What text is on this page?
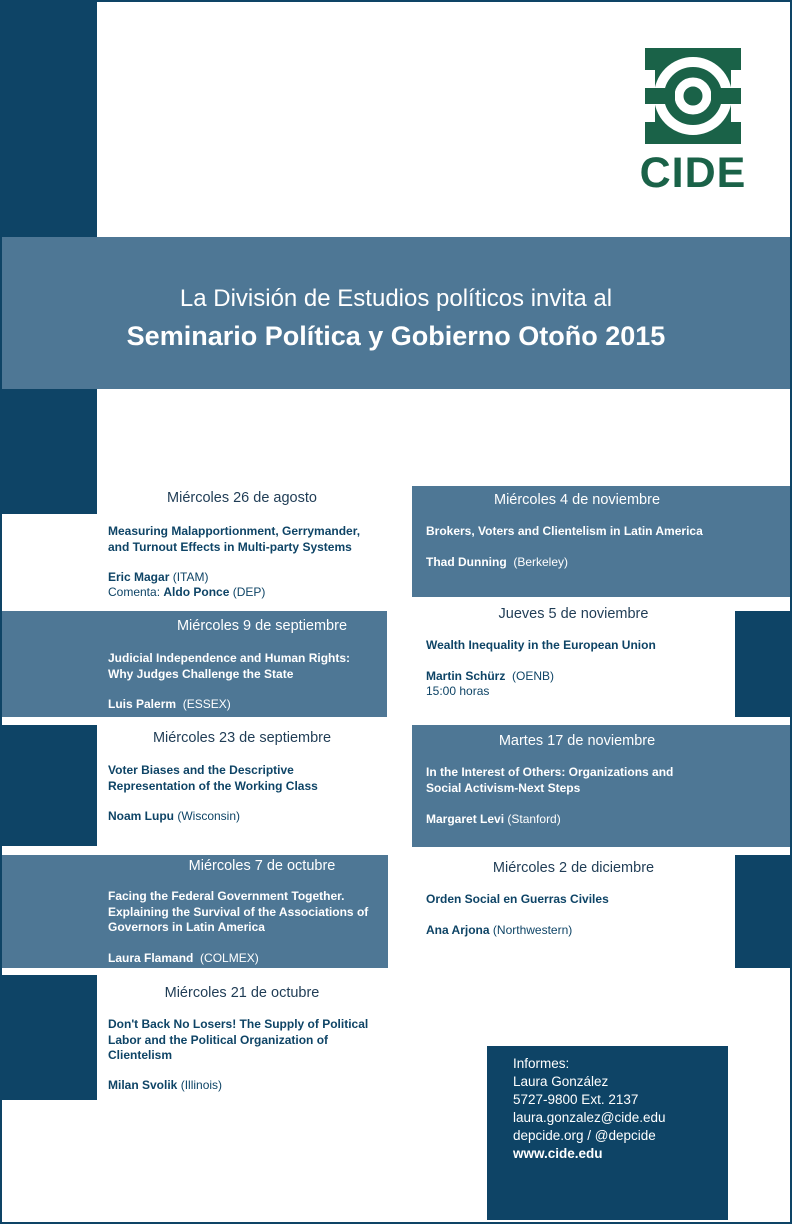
CIDE
La División de Estudios políticos invita al
Seminario Política y Gobierno Otoño 2015
Miércoles 26 de agosto
Measuring Malapportionment, Gerrymander,
and Turnout Effects in Multi-party Systems
Eric Magar (ITAM)
Comenta: Aldo Ponce (DEP)
Miércoles 9 de septiembre
Judicial Independence and Human Rights:
Why Judges Challenge the State
Luis Palerm (ESSEX)
Miércoles 23 de septiembre
Voter Biases and the Descriptive
Representation of the Working Class
Noam Lupu (Wisconsin)
Miércoles 7 de octubre
Facing the Federal Government Together.
Explaining the Survival of the Associations of
Governors in Latin America
Laura Flamand (COLMEX)
Miércoles 21 de octubre
Don't Back No Losers! The Supply of Political
Labor and the Political Organization of
Clientelism
Milan Svolik (Illinois)
Miércoles 4 de noviembre
Brokers, Voters and Clientelism in Latin America
Thad Dunning (Berkeley)
Jueves 5 de noviembre
Wealth Inequality in the European Union
Martin Schürz (OENB)
15:00 horas
Martes 17 de noviembre
In the Interest of Others: Organizations and
Social Activism-Next Steps
Margaret Levi (Stanford)
Miércoles 2 de diciembre
Orden Social en Guerras Civiles
Ana Arjona (Northwestern)
Informes:
Laura González
5727-9800 Ext. 2137
laura.gonzalez@cide.edu
depcide.org / @depcide
www.cide.edu
